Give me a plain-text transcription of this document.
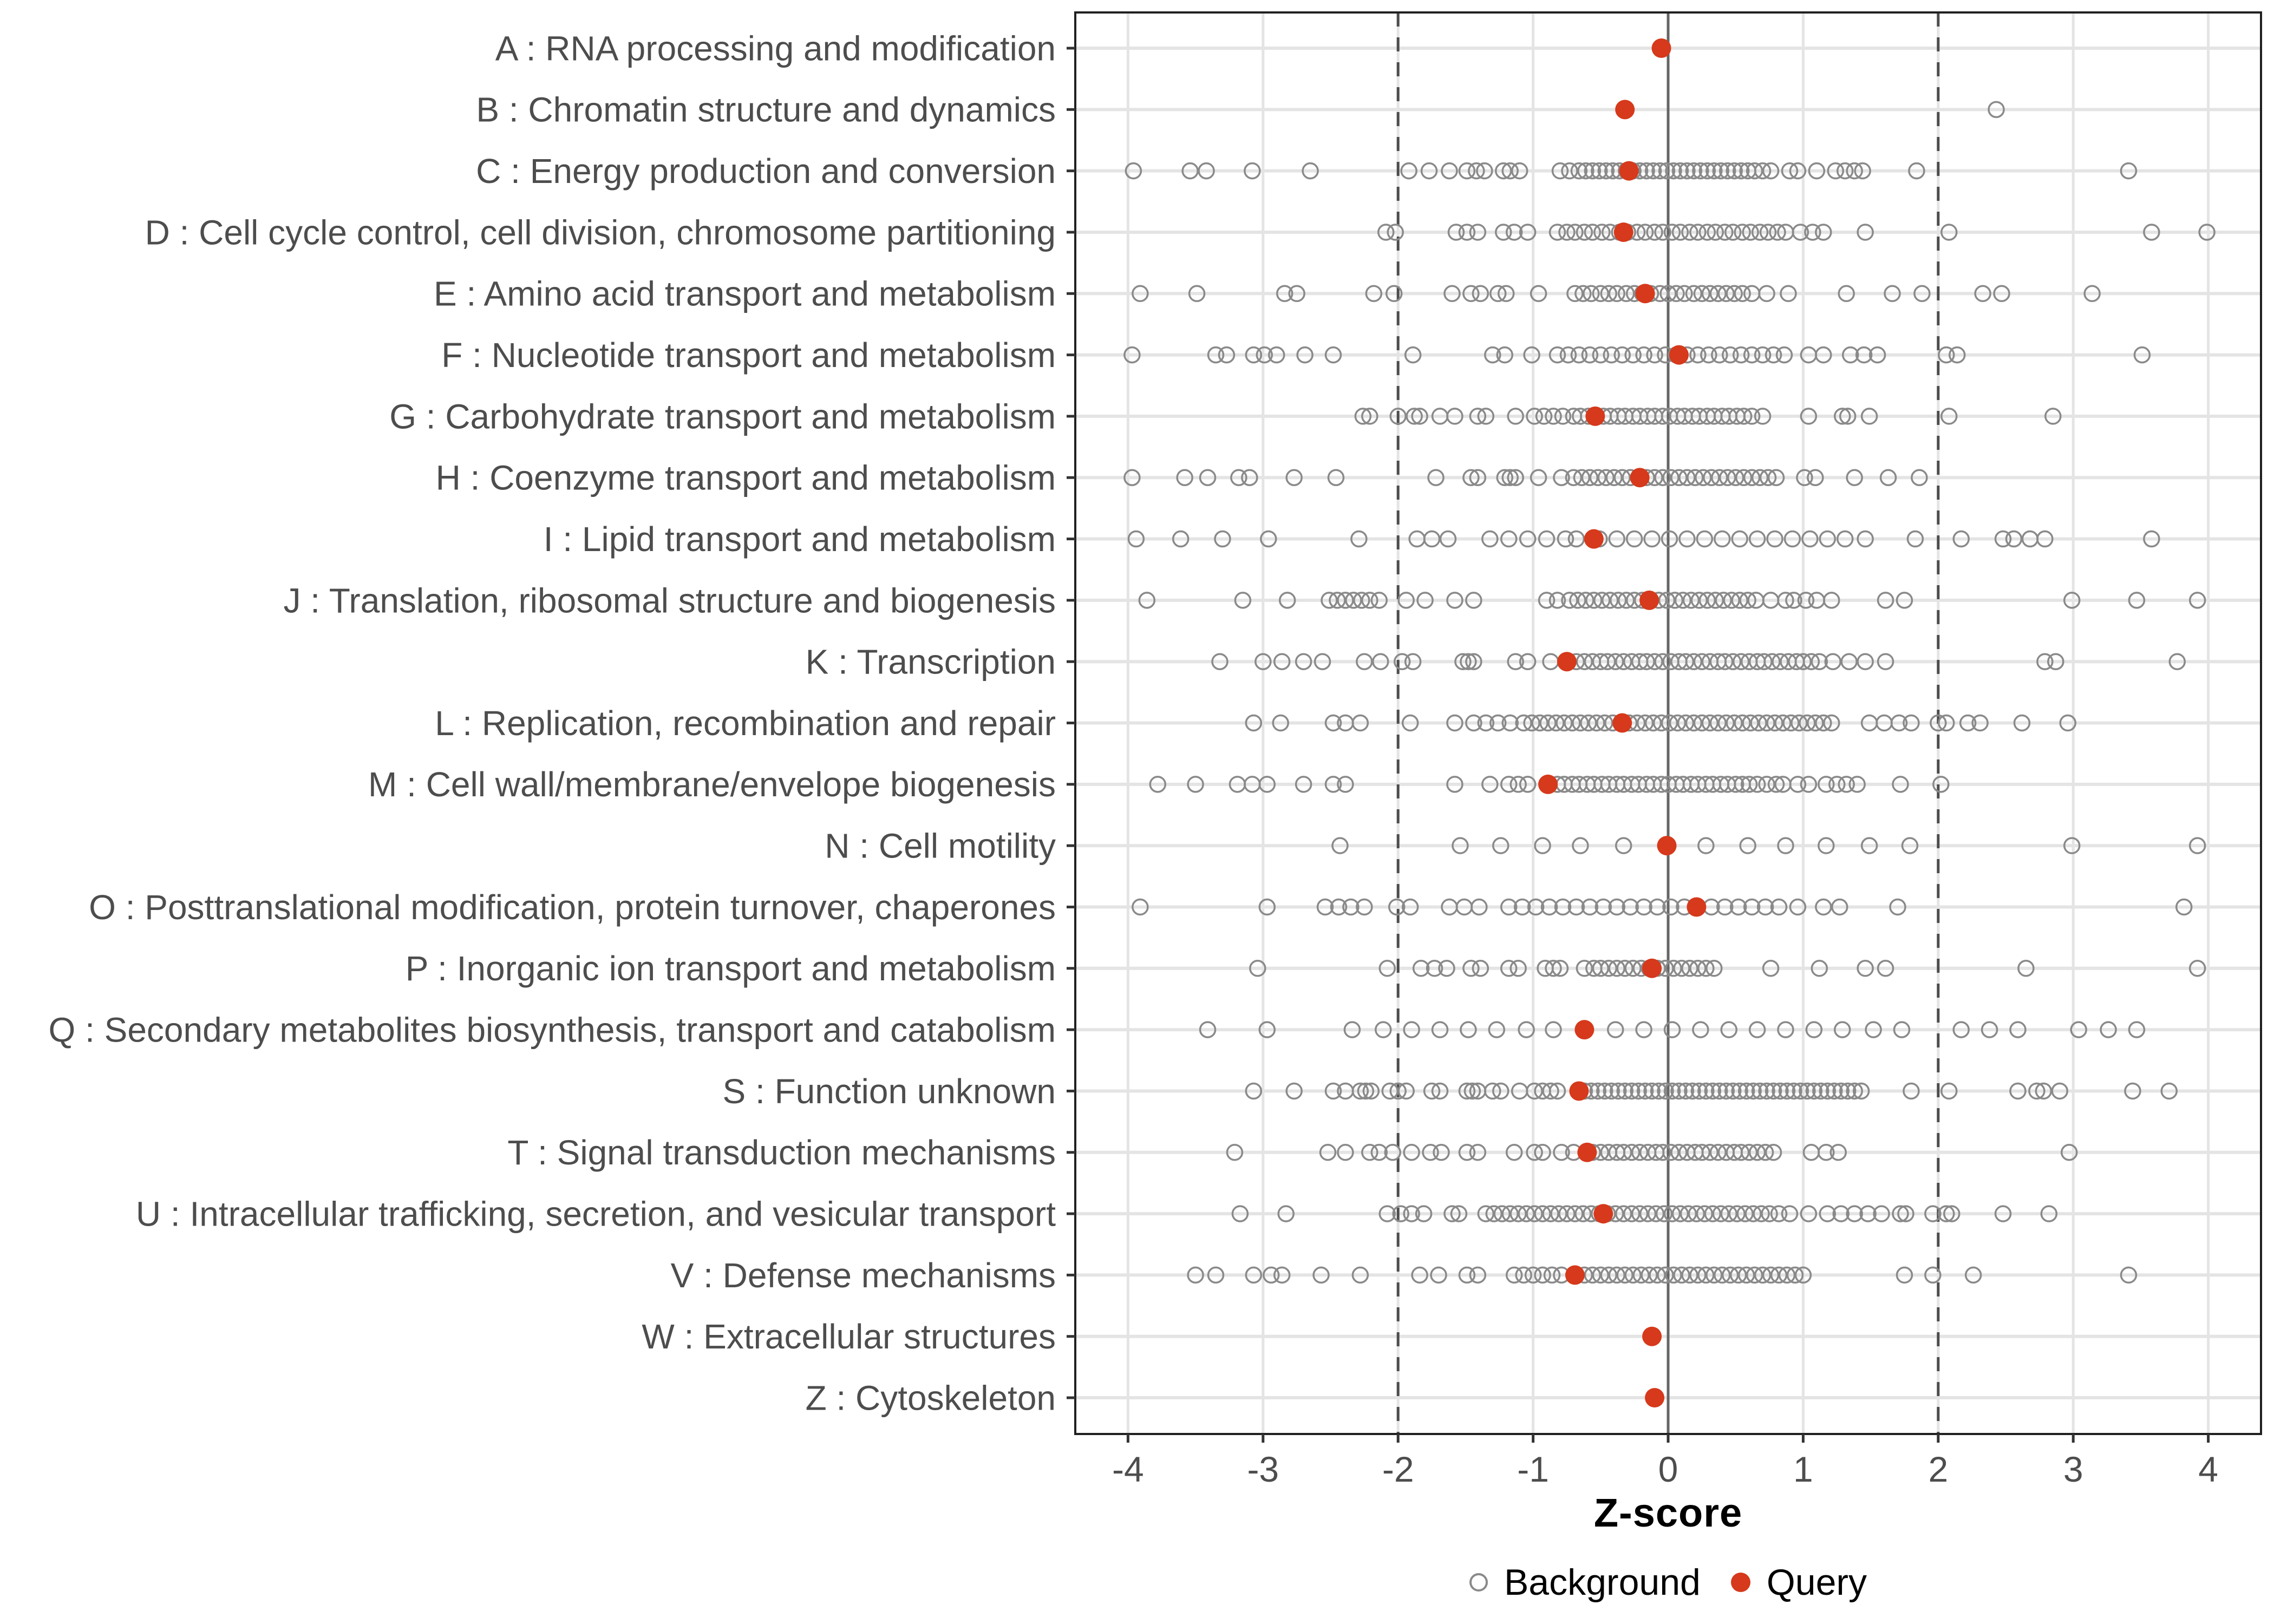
A : RNA processing and modification
B : Chromatin structure and dynamics
C : Energy production and conversion
D : Cell cycle control, cell division, chromosome partitioning
E : Amino acid transport and metabolism
F : Nucleotide transport and metabolism
G : Carbohydrate transport and metabolism
H : Coenzyme transport and metabolism
I : Lipid transport and metabolism
J : Translation, ribosomal structure and biogenesis
K : Transcription
L : Replication, recombination and repair
M : Cell wall/membrane/envelope biogenesis
N : Cell motility
O : Posttranslational modification, protein turnover, chaperones
P : Inorganic ion transport and metabolism
Q : Secondary metabolites biosynthesis, transport and catabolism
S : Function unknown
T : Signal transduction mechanisms
U : Intracellular trafficking, secretion, and vesicular transport
V : Defense mechanisms
W : Extracellular structures
Z : Cytoskeleton
-4	-3	-2	-1	0	1	2	3	4
Z-score
Background Query
